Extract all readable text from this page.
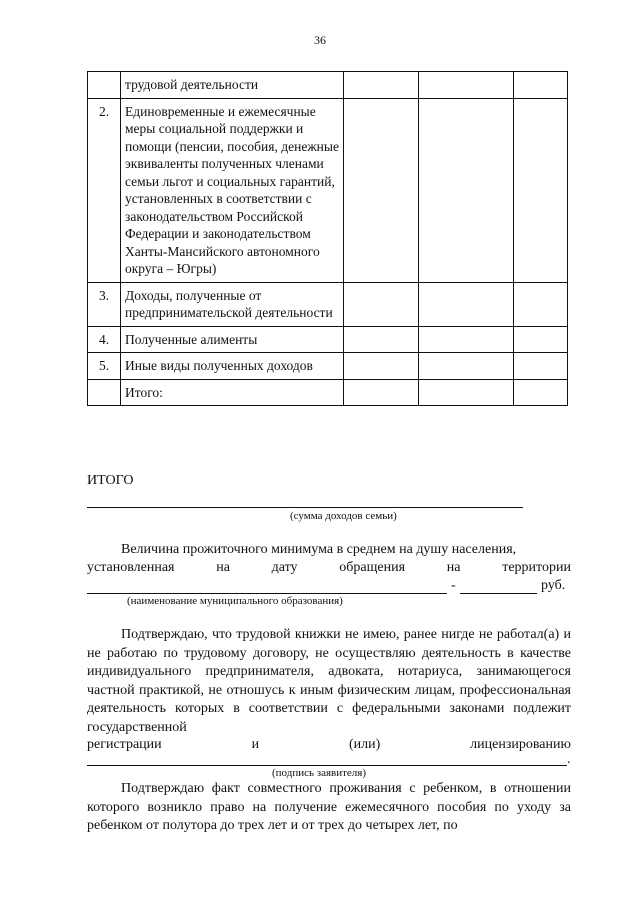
36
	трудовой деятельности			
2.	Единовременные и ежемесячные меры социальной поддержки и помощи (пенсии, пособия, денежные эквиваленты полученных членами семьи льгот и социальных гарантий, установленных в соответствии с законодательством Российской Федерации и законодательством Ханты-Мансийского автономного округа – Югры)			
3.	Доходы, полученные от предпринимательской деятельности			
4.	Полученные алименты			
5.	Иные виды полученных доходов			
	Итого:			
ИТОГО
(сумма доходов семьи)
Величина прожиточного минимума в среднем на душу населения,
установленная	на	дату	обращения	на	территории
-	руб.
(наименование муниципального образования)
Подтверждаю, что трудовой книжки не имею, ранее нигде не работал(а) и не работаю по трудовому договору, не осуществляю деятельность в качестве индивидуального предпринимателя, адвоката, нотариуса, занимающегося частной практикой, не отношусь к иным физическим лицам, профессиональная деятельность которых в соответствии с федеральными законами подлежит государственной
регистрации	и	(или)	лицензированию
.
(подпись заявителя)
Подтверждаю факт совместного проживания с ребенком, в отношении которого возникло право на получение ежемесячного пособия по уходу за ребенком от полутора до трех лет и от трех до четырех лет, по
